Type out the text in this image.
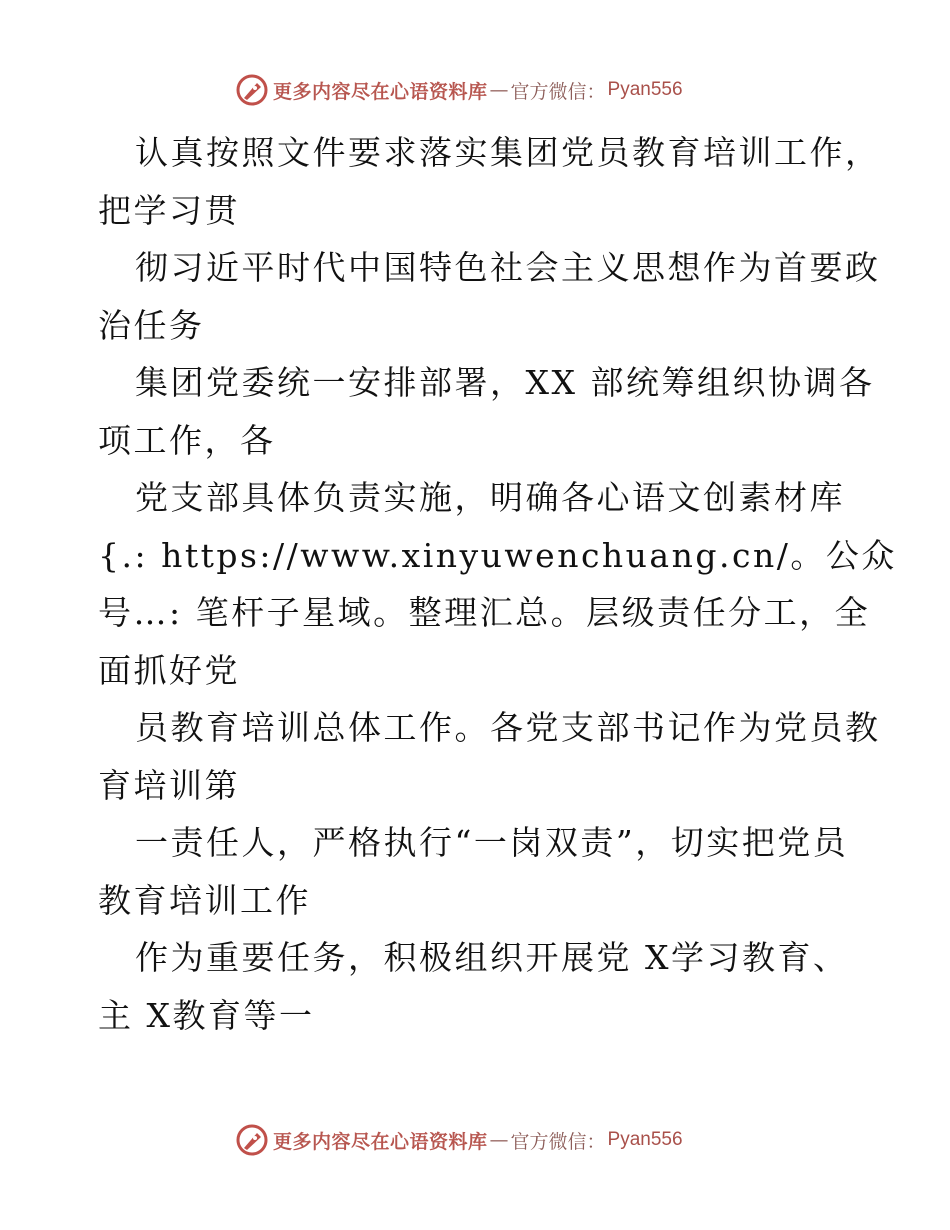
更多内容尽在心语资料库 — 官方微信： Pyan556

认真按照文件要求落实集团党员教育培训工作，

把学习贯

彻习近平时代中国特色社会主义思想作为首要政

治任务

集团党委统一安排部署，XX 部统筹组织协调各

项工作，各

党支部具体负责实施，明确各心语文创素材库

{.: https://www.xinyuwenchuang.cn/。公众

号…: 笔杆子星域。整理汇总。层级责任分工，全

面抓好党

员教育培训总体工作。各党支部书记作为党员教

育培训第

一责任人，严格执行“一岗双责”，切实把党员

教育培训工作

作为重要任务，积极组织开展党 X学习教育、

主 X教育等一

更多内容尽在心语资料库 — 官方微信： Pyan556
